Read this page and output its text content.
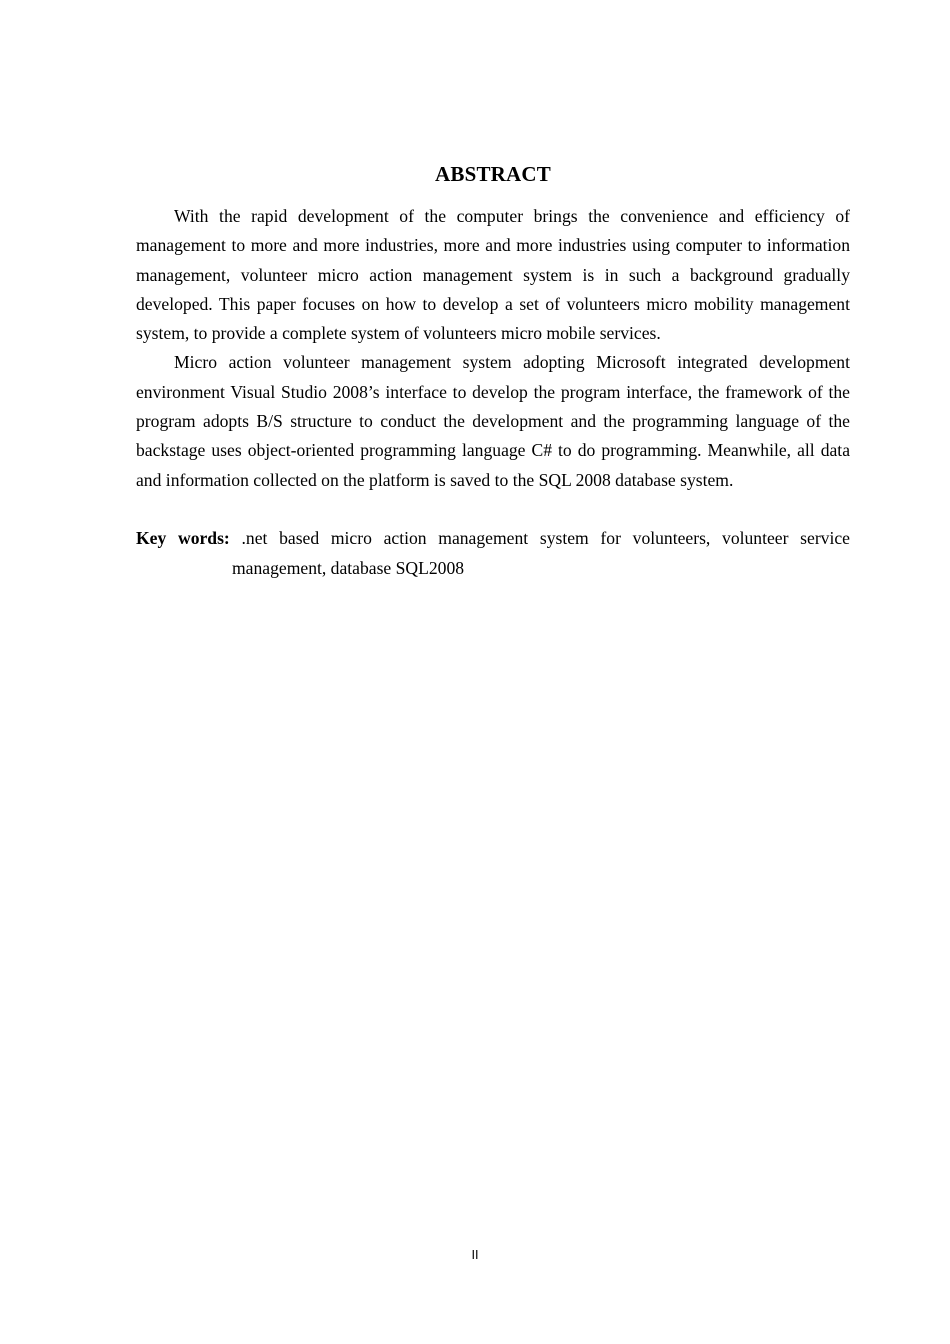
ABSTRACT

With the rapid development of the computer brings the convenience and efficiency of management to more and more industries, more and more industries using computer to information management, volunteer micro action management system is in such a background gradually developed. This paper focuses on how to develop a set of volunteers micro mobility management system, to provide a complete system of volunteers micro mobile services.

Micro action volunteer management system adopting Microsoft integrated development environment Visual Studio 2008’s interface to develop the program interface, the framework of the program adopts B/S structure to conduct the development and the programming language of the backstage uses object-oriented programming language C# to do programming. Meanwhile, all data and information collected on the platform is saved to the SQL 2008 database system.

Key words: .net based micro action management system for volunteers, volunteer service management, database SQL2008
II
